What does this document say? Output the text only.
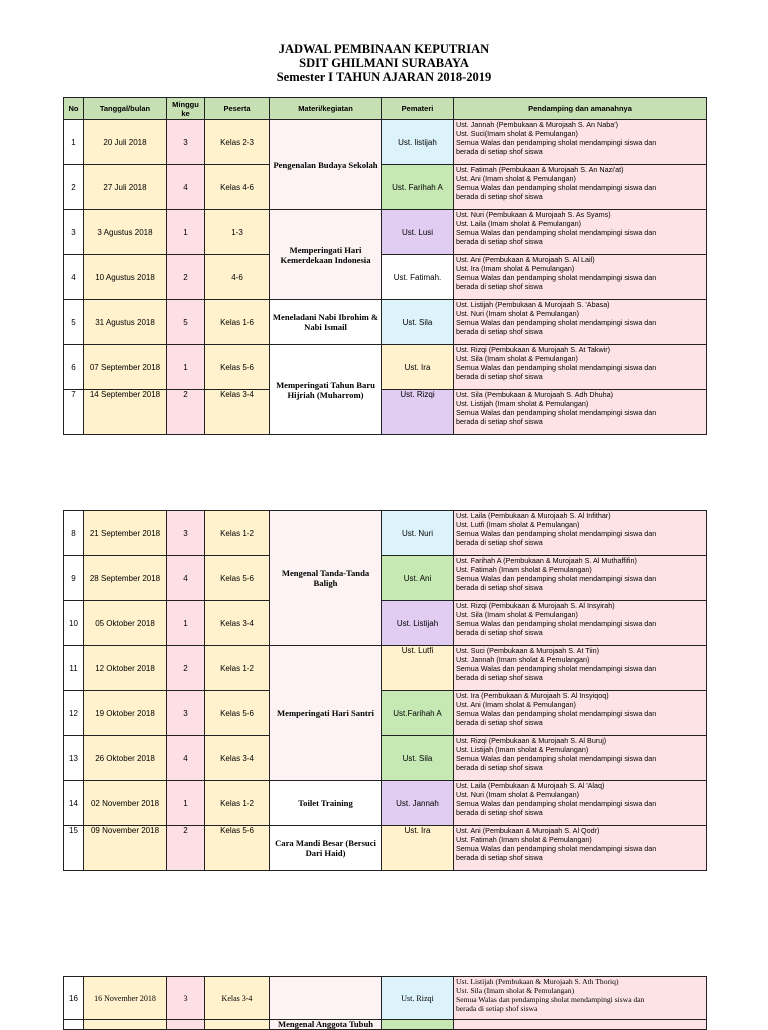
JADWAL PEMBINAAN KEPUTRIAN
SDIT GHILMANI SURABAYA
Semester I TAHUN AJARAN 2018-2019
No	Tanggal/bulan	Minggu ke	Peserta	Materi/kegiatan	Pemateri	Pendamping dan amanahnya
1	20 Juli 2018	3	Kelas 2-3	Pengenalan Budaya Sekolah	Ust. listijah	Ust. Jannah (Pembukaan & Murojaah S. An Naba')
Ust. Suci(Imam sholat & Pemulangan)
Semua Walas dan pendamping sholat mendampingi siswa dan
berada di setiap shof siswa

2	27 Juli 2018	4	Kelas 4-6		Ust. Farihah A	Ust. Fatimah (Pembukaan & Murojaah S. An Nazi'at)
Ust. Ani (Imam sholat & Pemulangan)
Semua Walas dan pendamping sholat mendampingi siswa dan
berada di setiap shof siswa

3	3 Agustus 2018	1	1-3	Memperingati Hari Kemerdekaan Indonesia	Ust. Lusi	Ust. Nuri (Pembukaan & Murojaah S. As Syams)
Ust. Laila (Imam sholat & Pemulangan)
Semua Walas dan pendamping sholat mendampingi siswa dan
berada di setiap shof siswa

4	10 Agustus 2018	2	4-6		Ust. Fatimah.	Ust. Ani (Pembukaan & Murojaah S. Al Lail)
Ust. Ira (Imam sholat & Pemulangan)
Semua Walas dan pendamping sholat mendampingi siswa dan
berada di setiap shof siswa

5	31 Agustus 2018	5	Kelas 1-6	Meneladani Nabi Ibrohim & Nabi Ismail	Ust. Sila	Ust. Listijah (Pembukaan & Murojaah S. 'Abasa)
Ust. Nuri (Imam sholat & Pemulangan)
Semua Walas dan pendamping sholat mendampingi siswa dan
berada di setiap shof siswa

6	07 September 2018	1	Kelas 5-6	Memperingati Tahun Baru Hijriah (Muharrom)	Ust. Ira	Ust. Rizqi (Pembukaan & Murojaah S. At Takwir)
Ust. Sila (Imam sholat & Pemulangan)
Semua Walas dan pendamping sholat mendampingi siswa dan
berada di setiap shof siswa

7	14 September 2018	2	Kelas 3-4		Ust. Rizqi	Ust. Sila (Pembukaan & Murojaah S. Adh Dhuha)
Ust. Listijah (Imam sholat & Pemulangan)
Semua Walas dan pendamping sholat mendampingi siswa dan
berada di setiap shof siswa
8	21 September 2018	3	Kelas 1-2	Mengenal Tanda-Tanda Baligh	Ust. Nuri	Ust. Laila (Pembukaan & Murojaah S. Al Infithar)
Ust. Lutfi (Imam sholat & Pemulangan)
Semua Walas dan pendamping sholat mendampingi siswa dan
berada di setiap shof siswa

9	28 September 2018	4	Kelas 5-6		Ust. Ani	Ust. Farihah A (Pembukaan & Murojaah S. Al Muthaffifin)
Ust. Fatimah (Imam sholat & Pemulangan)
Semua Walas dan pendamping sholat mendampingi siswa dan
berada di setiap shof siswa

10	05 Oktober 2018	1	Kelas 3-4		Ust. Listijah	Ust. Rizqi (Pembukaan & Murojaah S. Al Insyirah)
Ust. Sila (Imam sholat & Pemulangan)
Semua Walas dan pendamping sholat mendampingi siswa dan
berada di setiap shof siswa

11	12 Oktober 2018	2	Kelas 1-2	Memperingati Hari Santri	Ust. Lutfi	Ust. Suci (Pembukaan & Murojaah S. At Tiin)
Ust. Jannah (Imam sholat & Pemulangan)
Semua Walas dan pendamping sholat mendampingi siswa dan
berada di setiap shof siswa

12	19 Oktober 2018	3	Kelas 5-6		Ust.Farihah A	Ust. Ira (Pembukaan & Murojaah S. Al Insyiqoq)
Ust. Ani (Imam sholat & Pemulangan)
Semua Walas dan pendamping sholat mendampingi siswa dan
berada di setiap shof siswa

13	26 Oktober 2018	4	Kelas 3-4		Ust. Sila	Ust. Rizqi (Pembukaan & Murojaah S. Al Buruj)
Ust. Listijah (Imam sholat & Pemulangan)
Semua Walas dan pendamping sholat mendampingi siswa dan
berada di setiap shof siswa

14	02 November 2018	1	Kelas 1-2	Toilet Training	Ust. Jannah	Ust. Laila (Pembukaan & Murojaah S. Al 'Alaq)
Ust. Nuri (Imam sholat & Pemulangan)
Semua Walas dan pendamping sholat mendampingi siswa dan
berada di setiap shof siswa

15	09 November 2018	2	Kelas 5-6	Cara Mandi Besar (Bersuci Dari Haid)	Ust. Ira	Ust. Ani (Pembukaan & Murojaah S. Al Qodr)
Ust. Fatimah (Imam sholat & Pemulangan)
Semua Walas dan pendamping sholat mendampingi siswa dan
berada di setiap shof siswa
16	16 November 2018	3	Kelas 3-4		Ust. Rizqi	Ust. Listijah (Pembukaan & Murojaah S. Ath Thoriq)
Ust. Sila (Imam sholat & Pemulangan)
Semua Walas dan pendamping sholat mendampingi siswa dan
berada di setiap shof siswa

				Mengenal Anggota Tubuh		
